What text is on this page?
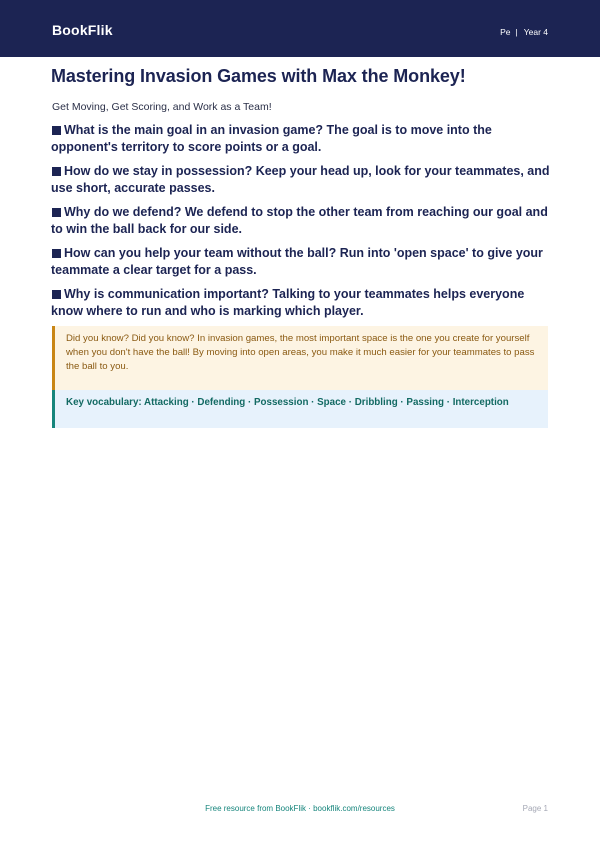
BookFlik	Pe | Year 4
Mastering Invasion Games with Max the Monkey!
Get Moving, Get Scoring, and Work as a Team!
What is the main goal in an invasion game? The goal is to move into the opponent's territory to score points or a goal.
How do we stay in possession? Keep your head up, look for your teammates, and use short, accurate passes.
Why do we defend? We defend to stop the other team from reaching our goal and to win the ball back for our side.
How can you help your team without the ball? Run into 'open space' to give your teammate a clear target for a pass.
Why is communication important? Talking to your teammates helps everyone know where to run and who is marking which player.
Did you know? Did you know? In invasion games, the most important space is the one you create for yourself when you don't have the ball! By moving into open areas, you make it much easier for your teammates to pass the ball to you.
Key vocabulary: Attacking · Defending · Possession · Space · Dribbling · Passing · Interception
Free resource from BookFlik · bookflik.com/resources	Page 1
